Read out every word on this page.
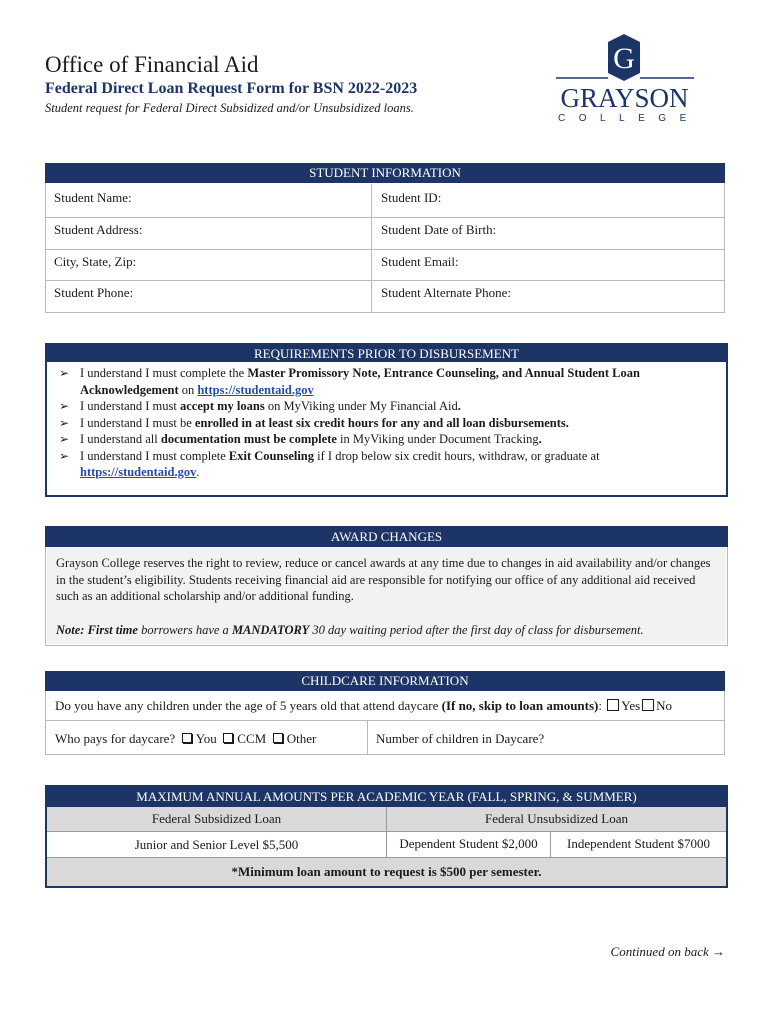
Office of Financial Aid
Federal Direct Loan Request Form for BSN 2022-2023
Student request for Federal Direct Subsidized and/or Unsubsidized loans.
G
GRAYSON
COLLEGE
STUDENT INFORMATION
Student Name:	Student ID:
Student Address:	Student Date of Birth:
City, State, Zip:	Student Email:
Student Phone:	Student Alternate Phone:
REQUIREMENTS PRIOR TO DISBURSEMENT
➢ I understand I must complete the Master Promissory Note, Entrance Counseling, and Annual Student Loan Acknowledgement on https://studentaid.gov
➢ I understand I must accept my loans on MyViking under My Financial Aid.
➢ I understand I must be enrolled in at least six credit hours for any and all loan disbursements.
➢ I understand all documentation must be complete in MyViking under Document Tracking.
➢ I understand I must complete Exit Counseling if I drop below six credit hours, withdraw, or graduate at https://studentaid.gov.
AWARD CHANGES
Grayson College reserves the right to review, reduce or cancel awards at any time due to changes in aid availability and/or changes in the student’s eligibility. Students receiving financial aid are responsible for notifying our office of any additional aid received such as an additional scholarship and/or additional funding.
Note: First time borrowers have a MANDATORY 30 day waiting period after the first day of class for disbursement.
CHILDCARE INFORMATION
Do you have any children under the age of 5 years old that attend daycare (If no, skip to loan amounts): Yes No
Who pays for daycare? You CCM Other	Number of children in Daycare?
MAXIMUM ANNUAL AMOUNTS PER ACADEMIC YEAR (FALL, SPRING, & SUMMER)
Federal Subsidized Loan	Federal Unsubsidized Loan
Junior and Senior Level $5,500	Dependent Student $2,000	Independent Student $7000
*Minimum loan amount to request is $500 per semester.
Continued on back →
